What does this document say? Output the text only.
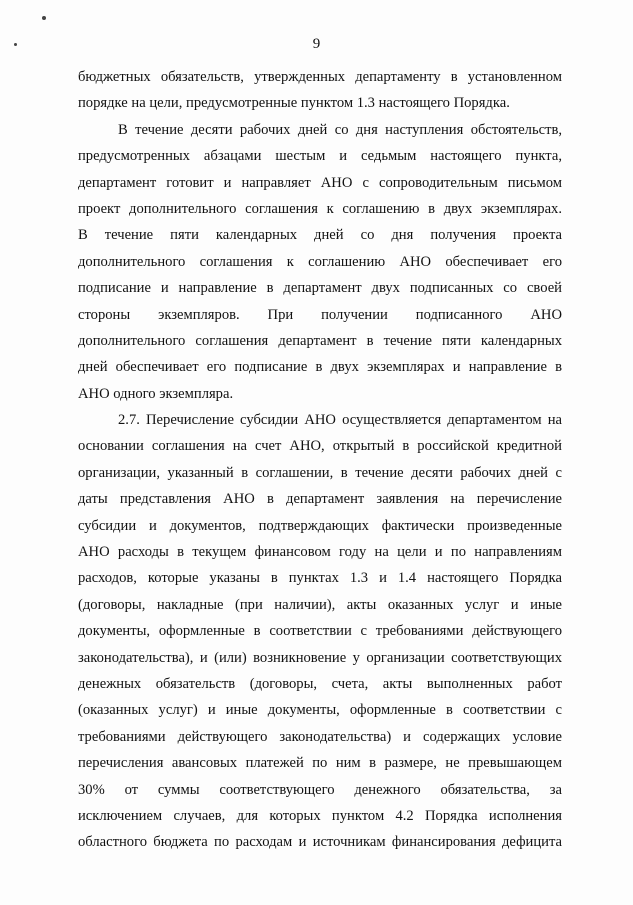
9
бюджетных обязательств, утвержденных департаменту в установленном
порядке на цели, предусмотренные пунктом 1.3 настоящего Порядка.
В течение десяти рабочих дней со дня наступления обстоятельств,
предусмотренных абзацами шестым и седьмым настоящего пункта,
департамент готовит и направляет АНО с сопроводительным письмом
проект дополнительного соглашения к соглашению в двух экземплярах.
В течение пяти календарных дней со дня получения проекта
дополнительного соглашения к соглашению АНО обеспечивает его
подписание и направление в департамент двух подписанных со своей
стороны экземпляров. При получении подписанного АНО
дополнительного соглашения департамент в течение пяти календарных
дней обеспечивает его подписание в двух экземплярах и направление в
АНО одного экземпляра.
2.7. Перечисление субсидии АНО осуществляется департаментом на
основании соглашения на счет АНО, открытый в российской кредитной
организации, указанный в соглашении, в течение десяти рабочих дней с
даты представления АНО в департамент заявления на перечисление
субсидии и документов, подтверждающих фактически произведенные
АНО расходы в текущем финансовом году на цели и по направлениям
расходов, которые указаны в пунктах 1.3 и 1.4 настоящего Порядка
(договоры, накладные (при наличии), акты оказанных услуг и иные
документы, оформленные в соответствии с требованиями действующего
законодательства), и (или) возникновение у организации соответствующих
денежных обязательств (договоры, счета, акты выполненных работ
(оказанных услуг) и иные документы, оформленные в соответствии с
требованиями действующего законодательства) и содержащих условие
перечисления авансовых платежей по ним в размере, не превышающем
30% от суммы соответствующего денежного обязательства, за
исключением случаев, для которых пунктом 4.2 Порядка исполнения
областного бюджета по расходам и источникам финансирования дефицита
